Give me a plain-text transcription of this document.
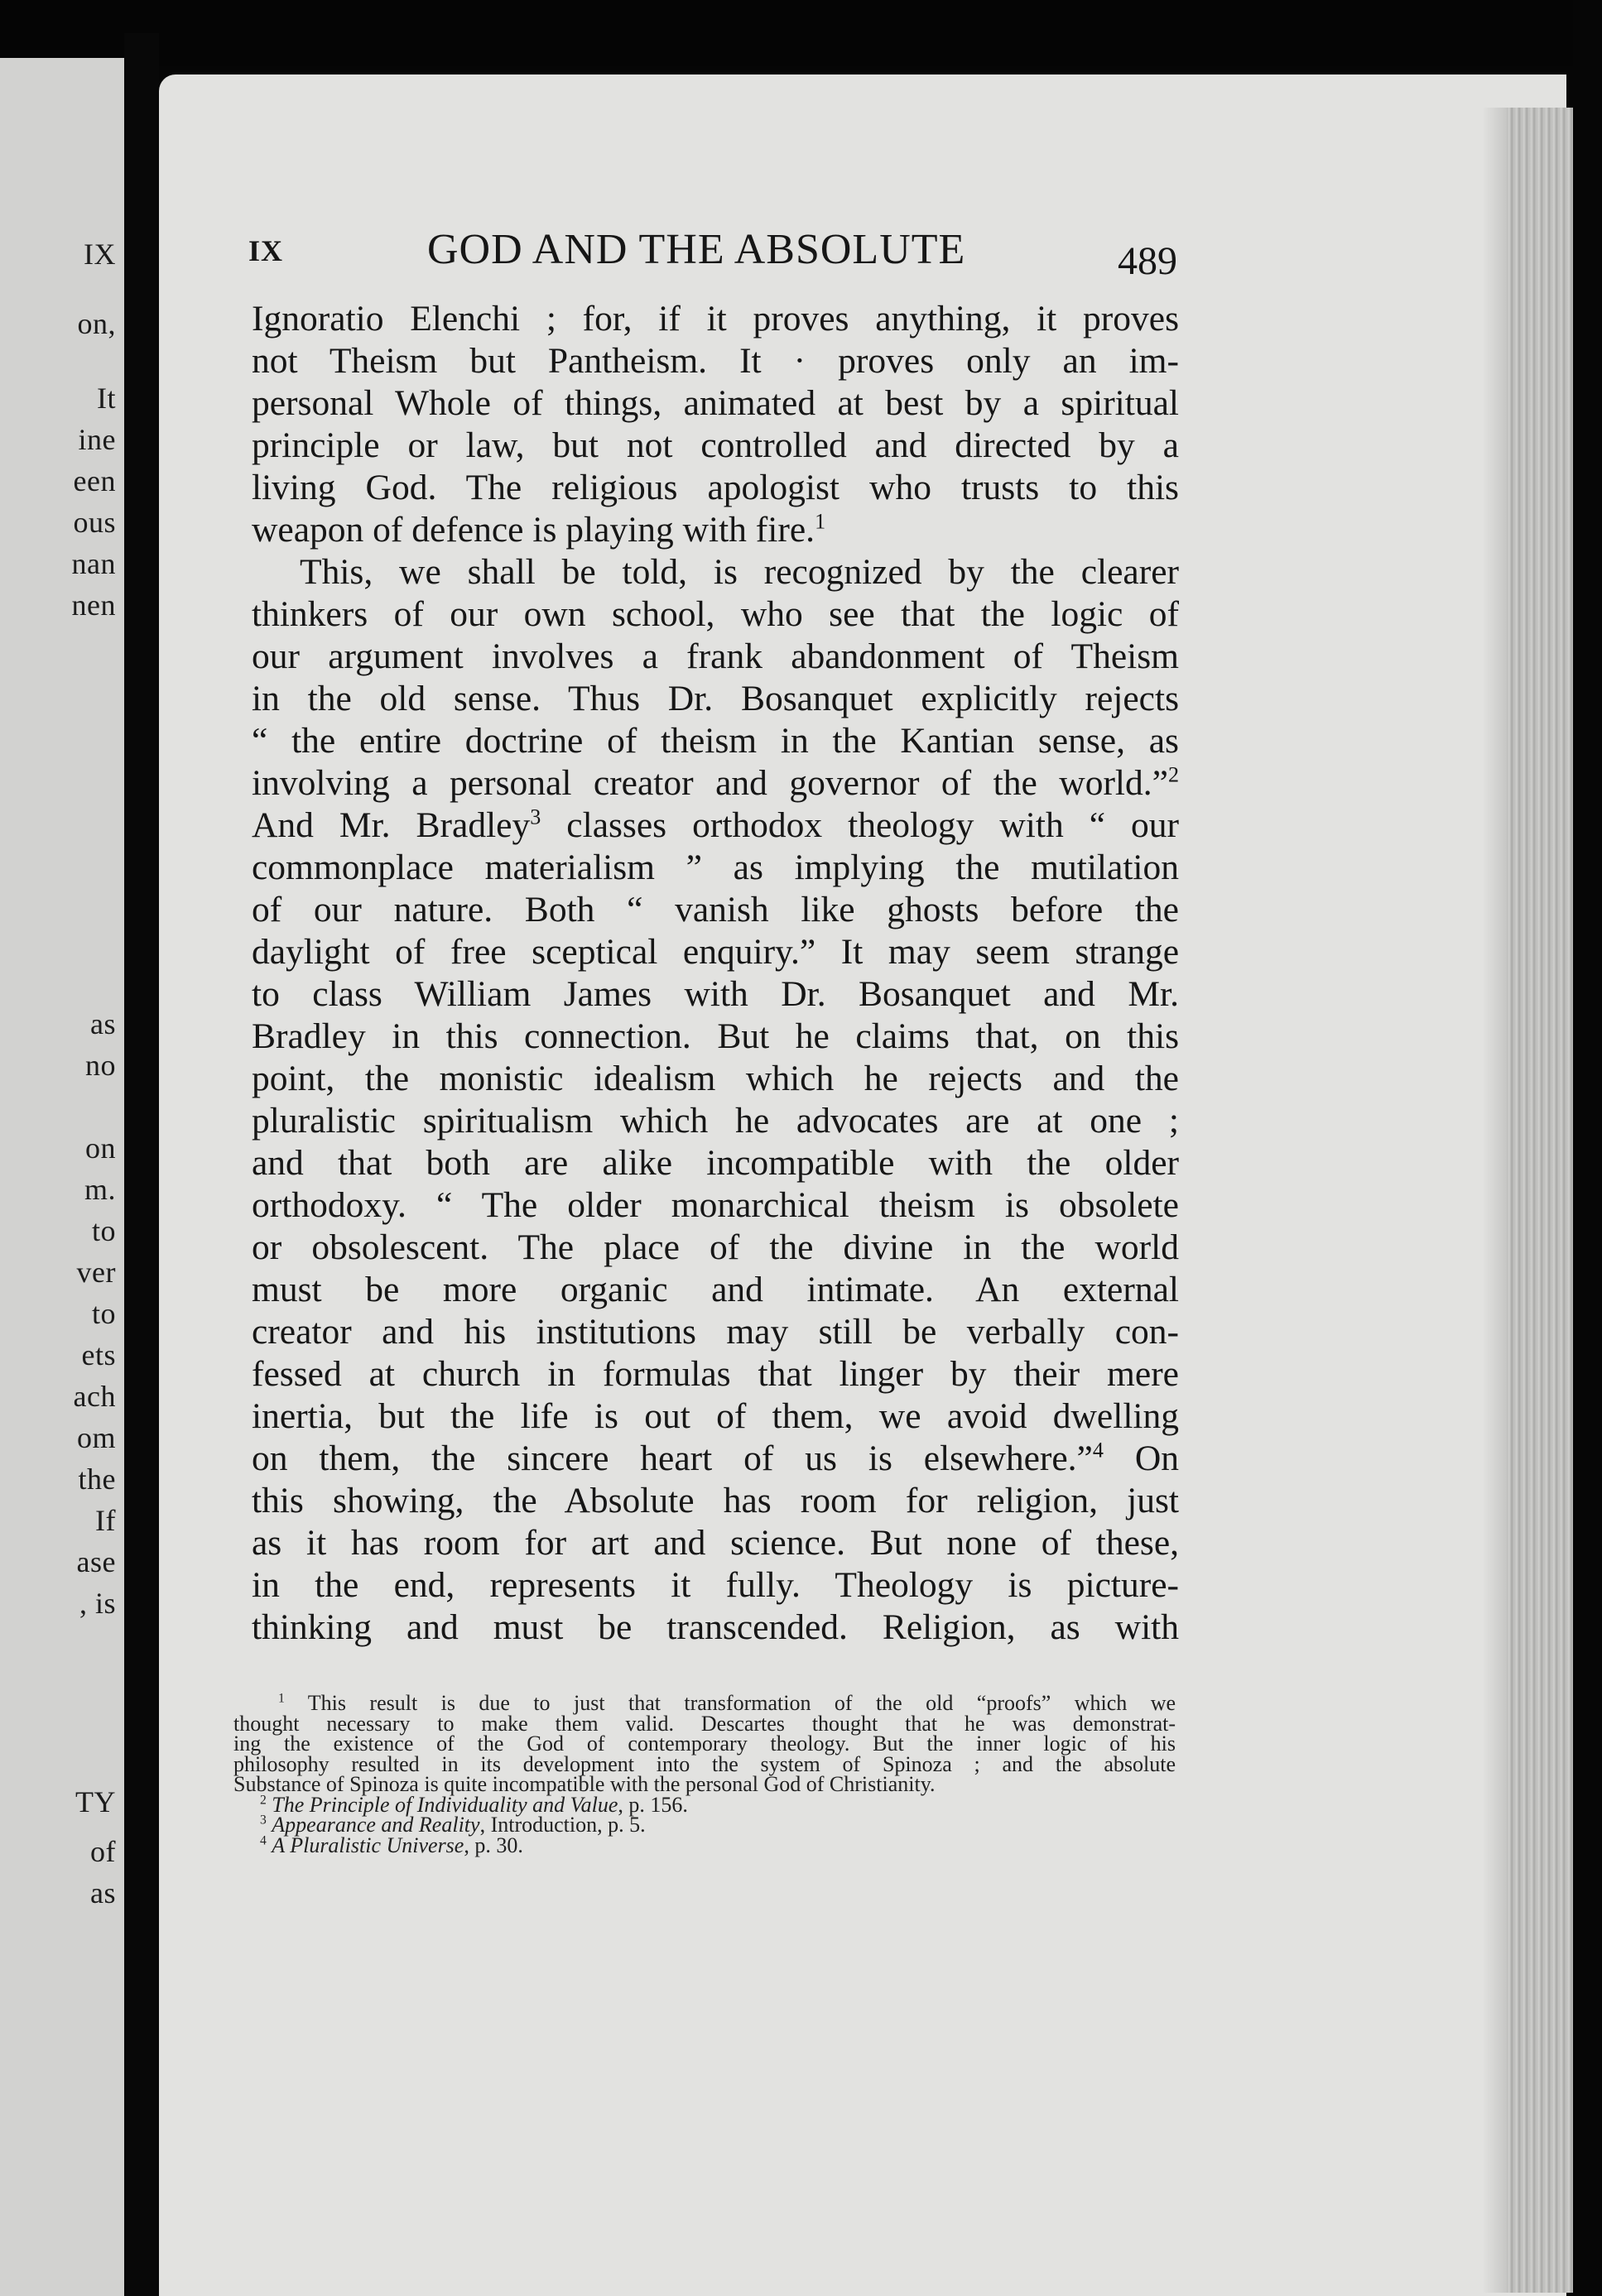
IX
on,
It
ine
een
ous
nan
nen
as
no
on
m.
to
ver
to
ets
ach
om
the
If
ase
, is
TY
of
as
IX	GOD AND THE ABSOLUTE	489
Ignoratio Elenchi ; for, if it proves anything, it proves
not Theism but Pantheism. It · proves only an im-
personal Whole of things, animated at best by a spiritual
principle or law, but not controlled and directed by a
living God. The religious apologist who trusts to this
weapon of defence is playing with fire.$^1$
This, we shall be told, is recognized by the clearer
thinkers of our own school, who see that the logic of
our argument involves a frank abandonment of Theism
in the old sense. Thus Dr. Bosanquet explicitly rejects
“ the entire doctrine of theism in the Kantian sense, as
involving a personal creator and governor of the world.”$^2$
And Mr. Bradley$^3$ classes orthodox theology with “ our
commonplace materialism ” as implying the mutilation
of our nature. Both “ vanish like ghosts before the
daylight of free sceptical enquiry.” It may seem strange
to class William James with Dr. Bosanquet and Mr.
Bradley in this connection. But he claims that, on this
point, the monistic idealism which he rejects and the
pluralistic spiritualism which he advocates are at one ;
and that both are alike incompatible with the older
orthodoxy. “ The older monarchical theism is obsolete
or obsolescent. The place of the divine in the world
must be more organic and intimate. An external
creator and his institutions may still be verbally con-
fessed at church in formulas that linger by their mere
inertia, but the life is out of them, we avoid dwelling
on them, the sincere heart of us is elsewhere.”$^4$ On
this showing, the Absolute has room for religion, just
as it has room for art and science. But none of these,
in the end, represents it fully. Theology is picture-
thinking and must be transcended. Religion, as with
$^1$ This result is due to just that transformation of the old “proofs” which we
thought necessary to make them valid. Descartes thought that he was demonstrat-
ing the existence of the God of contemporary theology. But the inner logic of his
philosophy resulted in its development into the system of Spinoza ; and the absolute
Substance of Spinoza is quite incompatible with the personal God of Christianity.
$^2$ The Principle of Individuality and Value, p. 156.
$^3$ Appearance and Reality, Introduction, p. 5.
$^4$ A Pluralistic Universe, p. 30.
